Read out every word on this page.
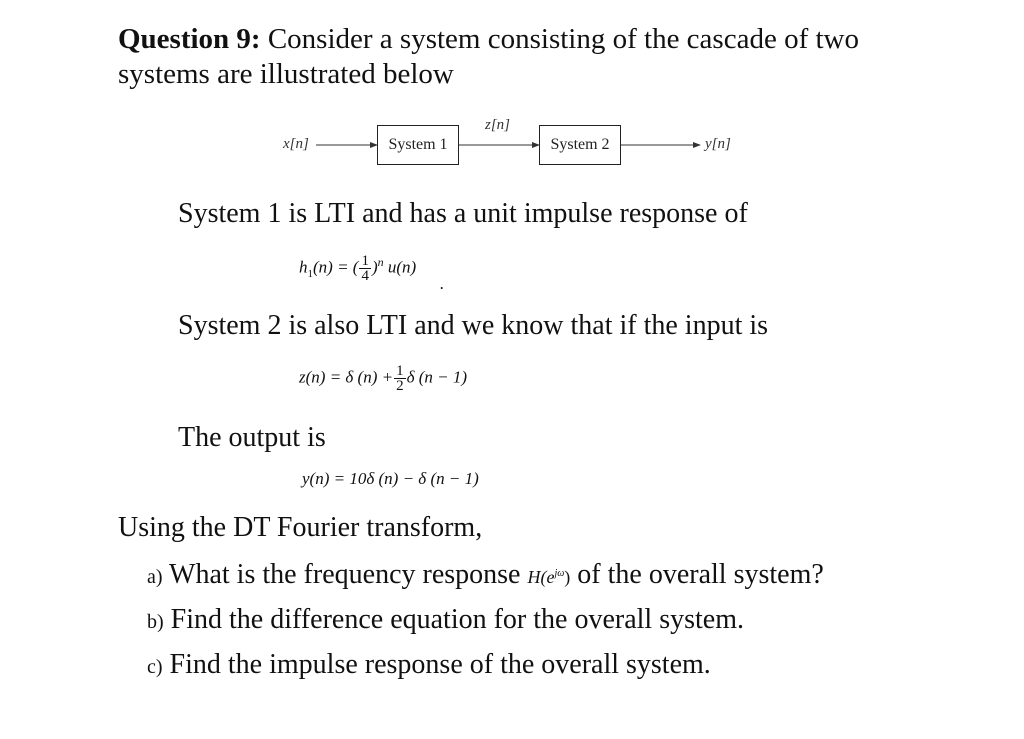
Question 9: Consider a system consisting of the cascade of two
systems are illustrated below
x[n]	System 1
z[n]
System 2	y[n]
System 1 is LTI and has a unit impulse response of
$h_1(n)$ = ( $\frac{1}{4} )^n$ u(n)
.
System 2 is also LTI and we know that if the input is
z(n) = δ $(n) + \frac{1}{2}$ δ (n − 1)
The output is
y(n) = 10δ (n) − δ (n − 1)
Using the DT Fourier transform,
a) What is the frequency response $H(e^{j\omega})$ of the overall system?
b) Find the difference equation for the overall system.
c) Find the impulse response of the overall system.
